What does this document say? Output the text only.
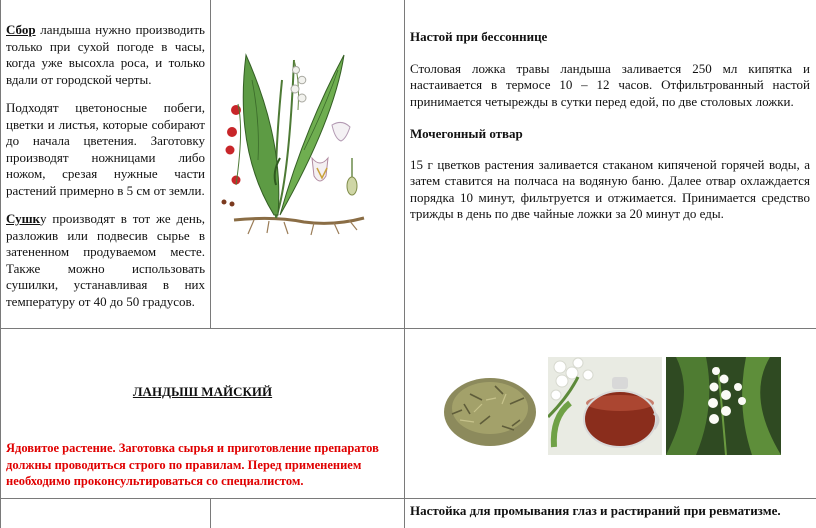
Сбор ландыша нужно производить только при сухой погоде в часы, когда уже высохла роса, и только вдали от городской черты.

Подходят цветоносные побеги, цветки и листья, которые собирают до начала цветения. Заготовку производят ножницами либо ножом, срезая нужные части растений примерно в 5 см от земли.

Сушку производят в тот же день, разложив или подвесив сырье в затененном продуваемом месте. Также можно использовать сушилки, устанавливая в них температуру от 40 до 50 градусов.

Настой при бессоннице

Столовая ложка травы ландыша заливается 250 мл кипятка и настаивается в термосе 10 – 12 часов. Отфильтрованный настой принимается четырежды в сутки перед едой, по две столовых ложки.

Мочегонный отвар

15 г цветков растения заливается стаканом кипяченой горячей воды, а затем ставится на полчаса на водяную баню. Далее отвар охлаждается порядка 10 минут, фильтруется и отжимается. Принимается средство трижды в день по две чайные ложки за 20 минут до еды.

ЛАНДЫШ МАЙСКИЙ
Ядовитое растение. Заготовка сырья и приготовление препаратов должны проводиться строго по правилам. Перед применением необходимо проконсультироваться со специалистом.
Настойка для промывания глаз и растираний при ревматизме.
